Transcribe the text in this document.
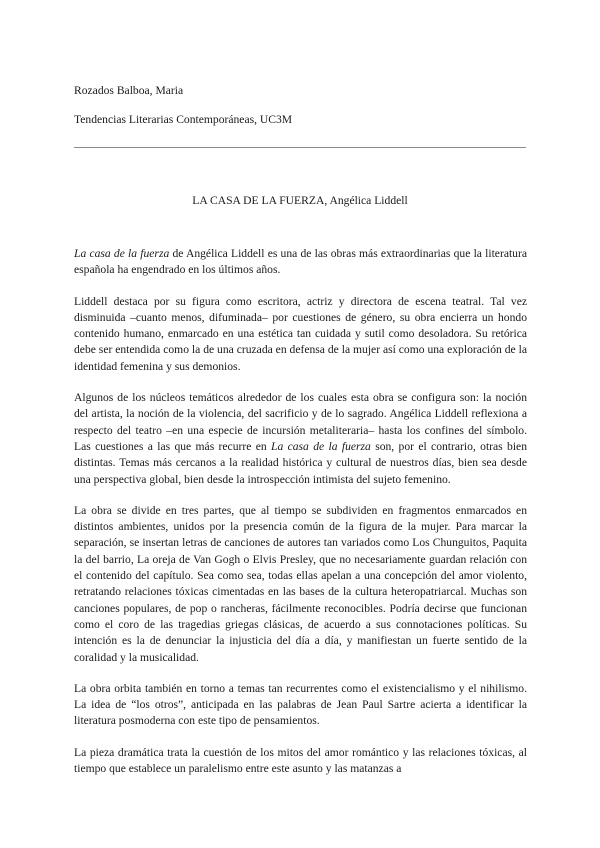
Rozados Balboa, Maria
Tendencias Literarias Contemporáneas, UC3M
LA CASA DE LA FUERZA, Angélica Liddell

La casa de la fuerza de Angélica Liddell es una de las obras más extraordinarias que la literatura española ha engendrado en los últimos años.

Liddell destaca por su figura como escritora, actriz y directora de escena teatral. Tal vez disminuida –cuanto menos, difuminada– por cuestiones de género, su obra encierra un hondo contenido humano, enmarcado en una estética tan cuidada y sutil como desoladora. Su retórica debe ser entendida como la de una cruzada en defensa de la mujer así como una exploración de la identidad femenina y sus demonios.

Algunos de los núcleos temáticos alrededor de los cuales esta obra se configura son: la noción del artista, la noción de la violencia, del sacrificio y de lo sagrado. Angélica Liddell reflexiona a respecto del teatro –en una especie de incursión metaliteraria– hasta los confines del símbolo. Las cuestiones a las que más recurre en La casa de la fuerza son, por el contrario, otras bien distintas. Temas más cercanos a la realidad histórica y cultural de nuestros días, bien sea desde una perspectiva global, bien desde la introspección intimista del sujeto femenino.

La obra se divide en tres partes, que al tiempo se subdividen en fragmentos enmarcados en distintos ambientes, unidos por la presencia común de la figura de la mujer. Para marcar la separación, se insertan letras de canciones de autores tan variados como Los Chunguitos, Paquita la del barrio, La oreja de Van Gogh o Elvis Presley, que no necesariamente guardan relación con el contenido del capítulo. Sea como sea, todas ellas apelan a una concepción del amor violento, retratando relaciones tóxicas cimentadas en las bases de la cultura heteropatriarcal. Muchas son canciones populares, de pop o rancheras, fácilmente reconocibles. Podría decirse que funcionan como el coro de las tragedias griegas clásicas, de acuerdo a sus connotaciones políticas. Su intención es la de denunciar la injusticia del día a día, y manifiestan un fuerte sentido de la coralidad y la musicalidad.

La obra orbita también en torno a temas tan recurrentes como el existencialismo y el nihilismo. La idea de “los otros”, anticipada en las palabras de Jean Paul Sartre acierta a identificar la literatura posmoderna con este tipo de pensamientos.

La pieza dramática trata la cuestión de los mitos del amor romántico y las relaciones tóxicas, al tiempo que establece un paralelismo entre este asunto y las matanzas a
